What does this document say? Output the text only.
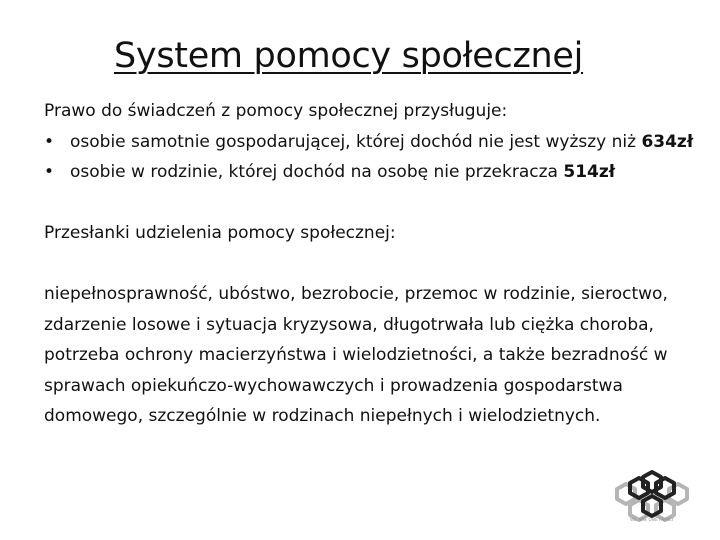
System pomocy społecznej

Prawo do świadczeń z pomocy społecznej przysługuje:

• osobie samotnie gospodarującej, której dochód nie jest wyższy niż 634zł
• osobie w rodzinie, której dochód na osobę nie przekracza 514zł

Przesłanki udzielenia pomocy społecznej:

niepełnosprawność, ubóstwo, bezrobocie, przemoc w rodzinie, sieroctwo, zdarzenie losowe i sytuacja kryzysowa, długotrwała lub ciężka choroba, potrzeba ochrony macierzyństwa i wielodzietności, a także bezradność w sprawach opiekuńczo-wychowawczych i prowadzenia gospodarstwa domowego, szczególnie w rodzinach niepełnych i wielodzietnych.

WE ARE ONE FAMILY
